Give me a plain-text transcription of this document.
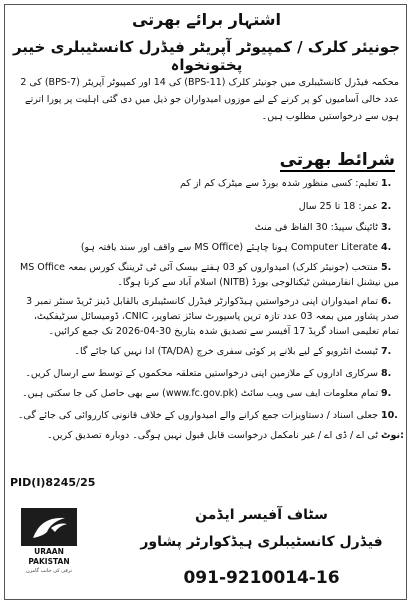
اشتہار برائے بھرتی
جونیئر کلرک / کمپیوٹر آپریٹر فیڈرل کانسٹیبلری خیبر پختونخواہ
محکمہ فیڈرل کانسٹیبلری میں جونیئر کلرک (BPS-11) کی 14 اور کمپیوٹر آپریٹر (BPS-7) کی 2 عدد خالی آسامیوں کو پر کرنے کے لیے موزوں امیدواران جو ذیل میں دی گئی اہلیت پر پورا اترتے ہوں سے درخواستیں مطلوب ہیں۔
شرائط بھرتی
1. تعلیم: کسی منظور شدہ بورڈ سے میٹرک کم از کم
2. عمر: 18 تا 25 سال
3. ٹائپنگ سپیڈ: 30 الفاظ فی منٹ
4. Computer Literate ہونا چاہئے (MS Office سے واقف اور سند یافتہ ہو)
5. منتخب (جونیئر کلرک) امیدواروں کو 03 ہفتے بیسک آئی ٹی ٹریننگ کورس بمعہ MS Office میں نیشنل انفارمیشن ٹیکنالوجی بورڈ (NITB) اسلام آباد سے کرنا ہوگا۔
6. تمام امیدواران اپنی درخواستیں ہیڈکوارٹر فیڈرل کانسٹیبلری بالقابل ڈینز ٹریڈ سنٹر نمبر 3 صدر پشاور میں بمعہ 03 عدد تازہ ترین پاسپورٹ سائز تصاویر، CNIC، ڈومیسائل سرٹیفکیٹ، تمام تعلیمی اسناد گریڈ 17 آفیسر سے تصدیق شدہ بتاریخ 30-04-2026 تک جمع کرائیں۔
7. ٹیسٹ انٹرویو کے لیے بلانے پر کوئی سفری خرچ (TA/DA) ادا نہیں کیا جائے گا۔
8. سرکاری اداروں کے ملازمین اپنی درخواستیں متعلقہ محکموں کے توسط سے ارسال کریں۔
9. تمام معلومات ایف سی ویب سائٹ (www.fc.gov.pk) سے بھی حاصل کی جا سکتی ہیں۔
10. جعلی اسناد / دستاویزات جمع کرانے والے امیدواروں کے خلاف قانونی کارروائی کی جائے گی۔
نوٹ: ٹی اے / ڈی اے / غیر نامکمل درخواست قابل قبول نہیں ہوگی۔ دوبارہ تصدیق کریں۔
PID(I)8245/25
URAAN
PAKISTAN
ترقی کی جانب گامزن
سٹاف آفیسر ایڈمن
فیڈرل کانسٹیبلری ہیڈکوارٹر پشاور
091-9210014-16
